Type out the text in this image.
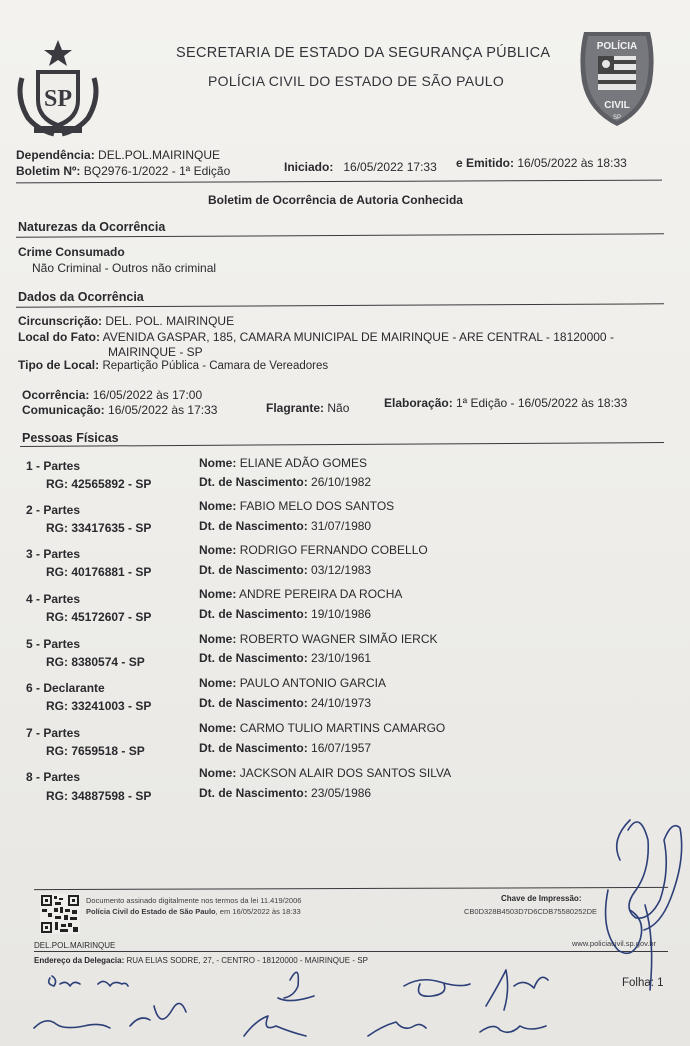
SP
SECRETARIA DE ESTADO DA SEGURANÇA PÚBLICA
POLÍCIA CIVIL DO ESTADO DE SÃO PAULO
POLÍCIA
CIVIL
SP
Dependência: DEL.POL.MAIRINQUE
Boletim Nº: BQ2976-1/2022 - 1ª Edição	Iniciado: 16/05/2022 17:33 e Emitido: 16/05/2022 às 18:33
Boletim de Ocorrência de Autoria Conhecida
Naturezas da Ocorrência
Crime Consumado
Não Criminal - Outros não criminal
Dados da Ocorrência
Circunscrição: DEL. POL. MAIRINQUE
Local do Fato: AVENIDA GASPAR, 185, CAMARA MUNICIPAL DE MAIRINQUE - ARE CENTRAL - 18120000 -
MAIRINQUE - SP
Tipo de Local: Repartição Pública - Camara de Vereadores
Ocorrência: 16/05/2022 às 17:00
Comunicação: 16/05/2022 às 17:33	Flagrante: Não	Elaboração: 1ª Edição - 16/05/2022 às 18:33
Pessoas Físicas
1 - Partes
RG: 42565892 - SP
Nome: ELIANE ADÃO GOMES
Dt. de Nascimento: 26/10/1982
2 - Partes
RG: 33417635 - SP
Nome: FABIO MELO DOS SANTOS
Dt. de Nascimento: 31/07/1980
3 - Partes
RG: 40176881 - SP
Nome: RODRIGO FERNANDO COBELLO
Dt. de Nascimento: 03/12/1983
4 - Partes
RG: 45172607 - SP
Nome: ANDRE PEREIRA DA ROCHA
Dt. de Nascimento: 19/10/1986
5 - Partes
RG: 8380574 - SP
Nome: ROBERTO WAGNER SIMÃO IERCK
Dt. de Nascimento: 23/10/1961
6 - Declarante
RG: 33241003 - SP
Nome: PAULO ANTONIO GARCIA
Dt. de Nascimento: 24/10/1973
7 - Partes
RG: 7659518 - SP
Nome: CARMO TULIO MARTINS CAMARGO
Dt. de Nascimento: 16/07/1957
8 - Partes
RG: 34887598 - SP
Nome: JACKSON ALAIR DOS SANTOS SILVA
Dt. de Nascimento: 23/05/1986
Documento assinado digitalmente nos termos da lei 11.419/2006
Polícia Civil do Estado de São Paulo, em 16/05/2022 às 18:33
Chave de Impressão:
CB0D328B4503D7D6CDB75580252DE
www.policiacivil.sp.gov.br
DEL.POL.MAIRINQUE
Endereço da Delegacia: RUA ELIAS SODRE, 27, - CENTRO - 18120000 - MAIRINQUE - SP
Folha: 1
